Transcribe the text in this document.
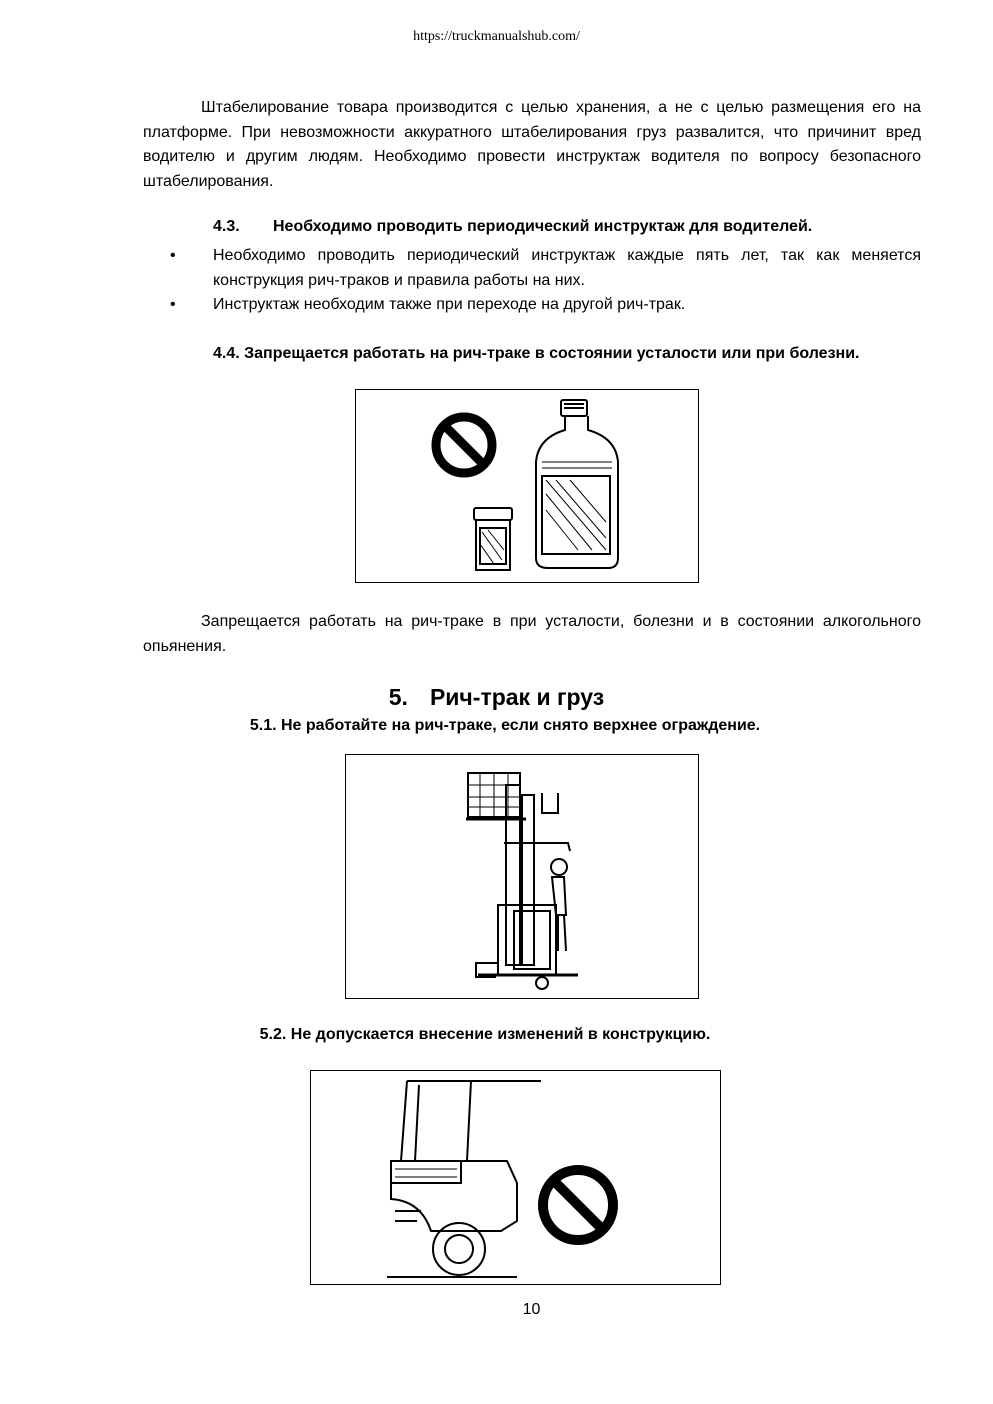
https://truckmanualshub.com/
Штабелирование товара производится с целью хранения, а не с целью размещения его на платформе. При невозможности аккуратного штабелирования груз развалится, что причинит вред водителю и другим людям. Необходимо провести инструктаж водителя по вопросу безопасного штабелирования.
4.3. Необходимо проводить периодический инструктаж для водителей.
• Необходимо проводить периодический инструктаж каждые пять лет, так как меняется конструкция рич-траков и правила работы на них.
• Инструктаж необходим также при переходе на другой рич-трак.
4.4. Запрещается работать на рич-траке в состоянии усталости или при болезни.
Запрещается работать на рич-траке в при усталости, болезни и в состоянии алкогольного опьянения.
5. Рич-трак и груз
5.1. Не работайте на рич-траке, если снято верхнее ограждение.
5.2. Не допускается внесение изменений в конструкцию.
10
